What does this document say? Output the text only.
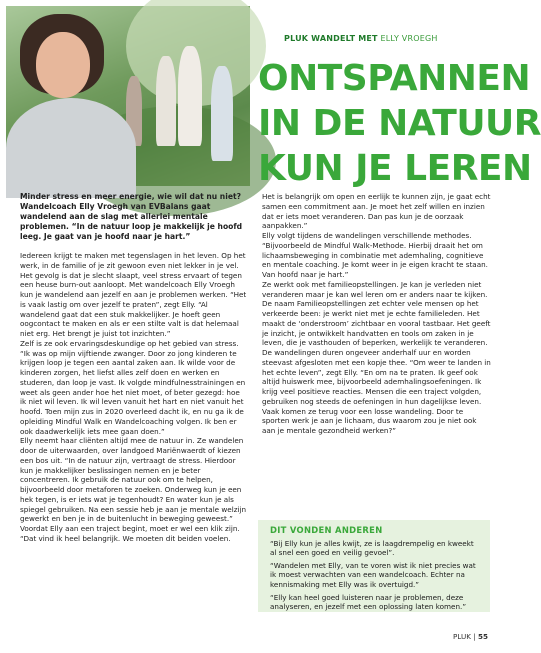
PLUK WANDELT MET ELLY VROEGH
ONTSPANNEN
IN DE NATUUR
KUN JE LEREN

Minder stress en meer energie, wie wil dat nu niet? Wandelcoach Elly Vroegh van EVBalans gaat wandelend aan de slag met allerlei mentale problemen. “In de natuur loop je makkelijk je hoofd leeg. Je gaat van je hoofd naar je hart.”

Iedereen krijgt te maken met tegenslagen in het leven. Op het werk, in de familie of je zit gewoon even niet lekker in je vel. Het gevolg is dat je slecht slaapt, veel stress ervaart of tegen een heuse burn-out aanloopt. Met wandelcoach Elly Vroegh kun je wandelend aan jezelf en aan je problemen werken. “Het is vaak lastig om over jezelf te praten”, zegt Elly. “Al wandelend gaat dat een stuk makkelijker. Je hoeft geen oogcontact te maken en als er een stilte valt is dat helemaal niet erg. Het brengt je juist tot inzichten.”

Zelf is ze ook ervaringsdeskundige op het gebied van stress. “Ik was op mijn vijftiende zwanger. Door zo jong kinderen te krijgen loop je tegen een aantal zaken aan. Ik wilde voor de kinderen zorgen, het liefst alles zelf doen en werken en studeren, dan loop je vast. Ik volgde mindfulnesstrainingen en weet als geen ander hoe het niet moet, of beter gezegd: hoe ik niet wil leven. Ik wil leven vanuit het hart en niet vanuit het hoofd. Toen mijn zus in 2020 overleed dacht ik, en nu ga ik de opleiding Mindful Walk en Wandelcoaching volgen. Ik ben er ook daadwerkelijk iets mee gaan doen.”

Elly neemt haar cliënten altijd mee de natuur in. Ze wandelen door de uiterwaarden, over landgoed Mariënwaerdt of kiezen een bos uit. “In de natuur zijn, vertraagt de stress. Hierdoor kun je makkelijker beslissingen nemen en je beter concentreren. Ik gebruik de natuur ook om te helpen, bijvoorbeeld door metaforen te zoeken. Onderweg kun je een hek tegen, is er iets wat je tegenhoudt? En water kun je als spiegel gebruiken. Na een sessie heb je aan je mentale welzijn gewerkt en ben je in de buitenlucht in beweging geweest.”

Voordat Elly aan een traject begint, moet er wel een klik zijn. “Dat vind ik heel belangrijk. We moeten dit beiden voelen.

Het is belangrijk om open en eerlijk te kunnen zijn, je gaat echt samen een commitment aan. Je moet het zelf willen en inzien dat er iets moet veranderen. Dan pas kun je de oorzaak aanpakken.”

Elly volgt tijdens de wandelingen verschillende methodes. “Bijvoorbeeld de Mindful Walk-Methode. Hierbij draait het om lichaamsbeweging in combinatie met ademhaling, cognitieve en mentale coaching. Je komt weer in je eigen kracht te staan. Van hoofd naar je hart.”

Ze werkt ook met familieopstellingen. Je kan je verleden niet veranderen maar je kan wel leren om er anders naar te kijken. De naam Familieopstellingen zet echter vele mensen op het verkeerde been: je werkt niet met je echte familieleden. Het maakt de ‘onderstroom’ zichtbaar en vooral tastbaar. Het geeft je inzicht, je ontwikkelt handvatten en tools om zaken in je leven, die je vasthouden of beperken, werkelijk te veranderen.

De wandelingen duren ongeveer anderhalf uur en worden steevast afgesloten met een kopje thee. “Om weer te landen in het echte leven”, zegt Elly. “En om na te praten. Ik geef ook altijd huiswerk mee, bijvoorbeeld ademhalingsoefeningen. Ik krijg veel positieve reacties. Mensen die een traject volgden, gebruiken nog steeds de oefeningen in hun dagelijkse leven. Vaak komen ze terug voor een losse wandeling. Door te sporten werk je aan je lichaam, dus waarom zou je niet ook aan je mentale gezondheid werken?”

DIT VONDEN ANDEREN

“Bij Elly kun je alles kwijt, ze is laagdrempelig en kweekt al snel een goed en veilig gevoel”.

“Wandelen met Elly, van te voren wist ik niet precies wat ik moest verwachten van een wandelcoach. Echter na kennismaking met Elly was ik overtuigd.”

“Elly kan heel goed luisteren naar je problemen, deze analyseren, en jezelf met een oplossing laten komen.”

PLUK | 55
